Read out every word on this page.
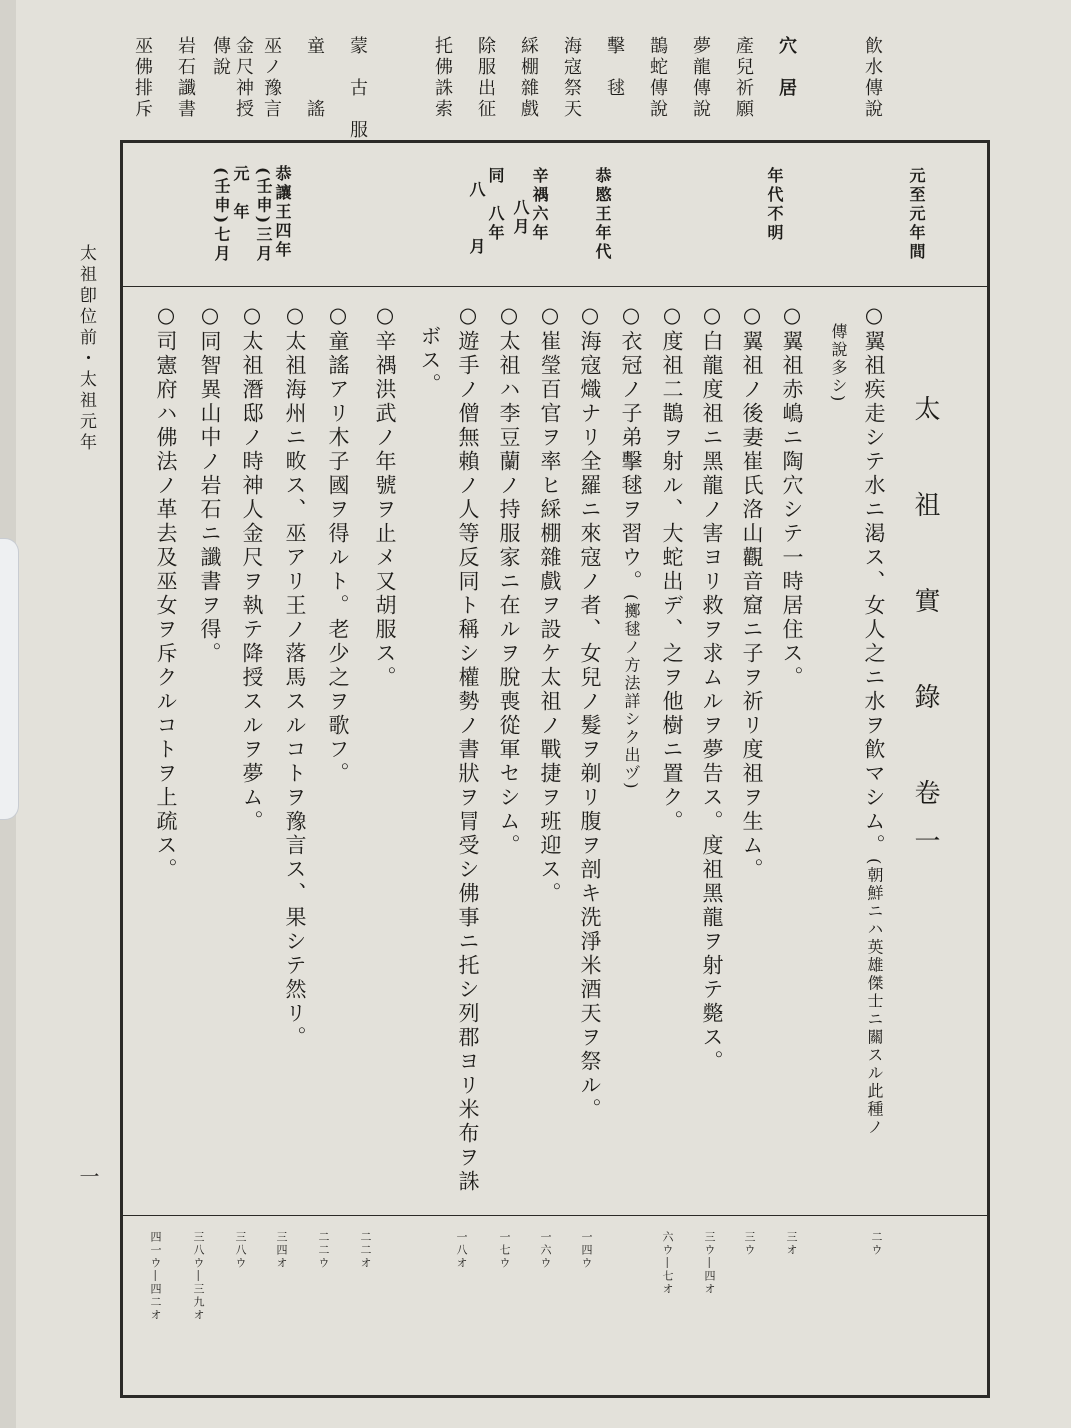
飮水傳說
穴　居
產兒祈願
夢龍傳說
鵲蛇傳說
擊　毬
海寇祭天
綵棚雜戲
除服出征
托佛誅索
蒙　古　服
童　　謠
巫ノ豫言
金尺神授
傳說
岩石讖書
巫佛排斥
太祖卽位前・太祖元年
一
元至元年間
年代不明
恭愍王年代
辛禑六年
八月
同　八年
八　　月
恭讓王四年
(壬申)三月
元　年
(壬申)七月
太　祖　實　錄　卷一
○翼祖疾走シテ水ニ渇ス、女人之ニ水ヲ飮マシム。(朝鮮ニハ英雄傑士ニ關スル此種ノ
傳說多シ)
○翼祖赤嶋ニ陶穴シテ一時居住ス。
○翼祖ノ後妻崔氏洛山觀音窟ニ子ヲ祈リ度祖ヲ生ム。
○白龍度祖ニ黑龍ノ害ヨリ救ヲ求ムルヲ夢告ス。度祖黑龍ヲ射テ斃ス。
○度祖二鵲ヲ射ル、大蛇出デ、之ヲ他樹ニ置ク。
○衣冠ノ子弟擊毬ヲ習ウ。(擲毬ノ方法詳シク出ヅ)
○海寇熾ナリ全羅ニ來寇ノ者、女兒ノ髮ヲ剃リ腹ヲ剖キ洗淨米酒天ヲ祭ル。
○崔瑩百官ヲ率ヒ綵棚雜戲ヲ設ケ太祖ノ戰捷ヲ班迎ス。
○太祖ハ李豆蘭ノ持服家ニ在ルヲ脫喪從軍セシム。
○遊手ノ僧無賴ノ人等反同ト稱シ權勢ノ書狀ヲ冐受シ佛事ニ托シ列郡ヨリ米布ヲ誅
ボス。
○辛禑洪武ノ年號ヲ止メ又胡服ス。
○童謠アリ木子國ヲ得ルト。老少之ヲ歌フ。
○太祖海州ニ畋ス、巫アリ王ノ落馬スルコトヲ豫言ス、果シテ然リ。
○太祖潛邸ノ時神人金尺ヲ執テ降授スルヲ夢ム。
○同智異山中ノ岩石ニ讖書ヲ得。
○司憲府ハ佛法ノ革去及巫女ヲ斥クルコトヲ上疏ス。
二ウ
三オ
三ウ
三ウ―四オ
六ウ―七オ
一四ウ
一六ウ
一七ウ
一八オ
二二オ
二二ウ
三四オ
三八ウ
三八ウ―三九オ
四一ウ―四二オ
